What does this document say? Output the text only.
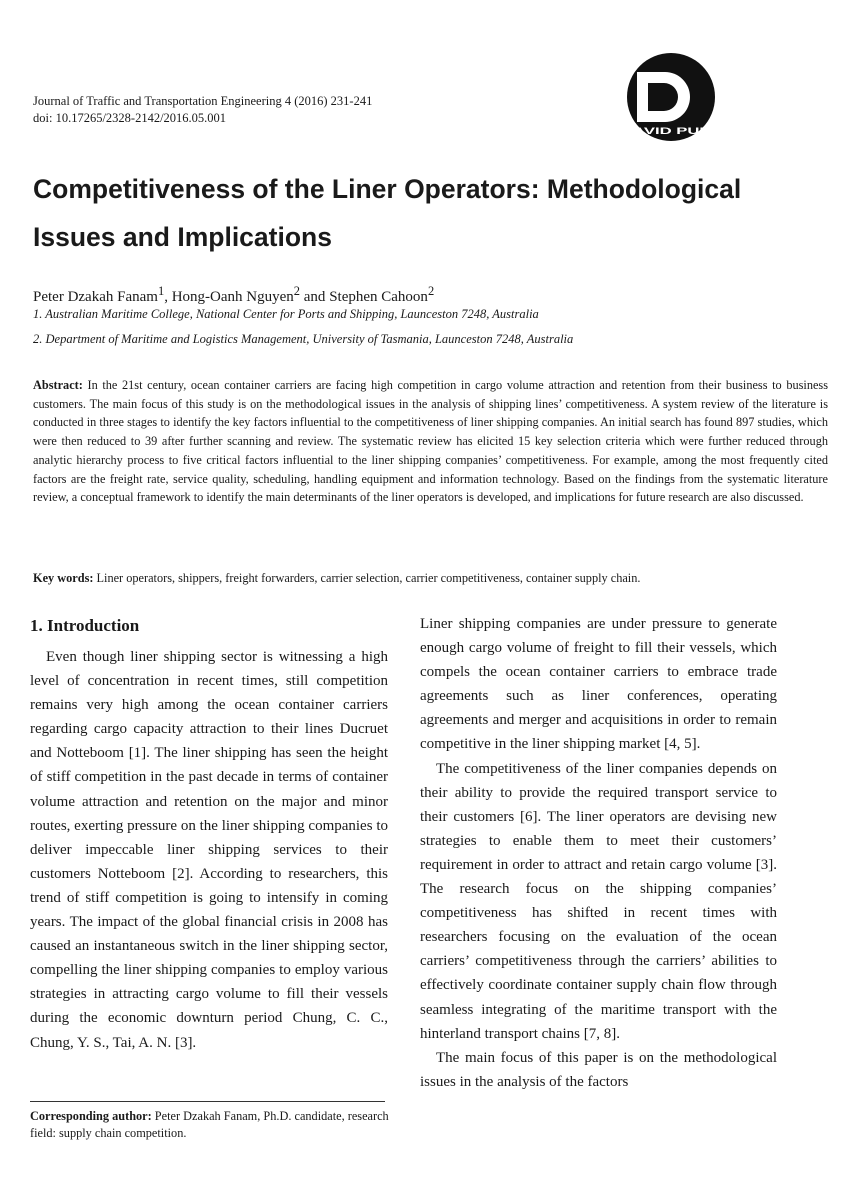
Journal of Traffic and Transportation Engineering 4 (2016) 231-241
doi: 10.17265/2328-2142/2016.05.001
DAVID PUBLISHING
Competitiveness of the Liner Operators: Methodological Issues and Implications
Peter Dzakah Fanam$^1$, Hong-Oanh Nguyen$^2$ and Stephen Cahoon$^2$
1. Australian Maritime College, National Center for Ports and Shipping, Launceston 7248, Australia
2. Department of Maritime and Logistics Management, University of Tasmania, Launceston 7248, Australia

Abstract: In the 21st century, ocean container carriers are facing high competition in cargo volume attraction and retention from their business to business customers. The main focus of this study is on the methodological issues in the analysis of shipping lines’ competitiveness. A system review of the literature is conducted in three stages to identify the key factors influential to the competitiveness of liner shipping companies. An initial search has found 897 studies, which were then reduced to 39 after further scanning and review. The systematic review has elicited 15 key selection criteria which were further reduced through analytic hierarchy process to five critical factors influential to the liner shipping companies’ competitiveness. For example, among the most frequently cited factors are the freight rate, service quality, scheduling, handling equipment and information technology. Based on the findings from the systematic literature review, a conceptual framework to identify the main determinants of the liner operators is developed, and implications for future research are also discussed.

Key words: Liner operators, shippers, freight forwarders, carrier selection, carrier competitiveness, container supply chain.

1. Introduction

Even though liner shipping sector is witnessing a high level of concentration in recent times, still competition remains very high among the ocean container carriers regarding cargo capacity attraction to their lines Ducruet and Notteboom [1]. The liner shipping has seen the height of stiff competition in the past decade in terms of container volume attraction and retention on the major and minor routes, exerting pressure on the liner shipping companies to deliver impeccable liner shipping services to their customers Notteboom [2]. According to researchers, this trend of stiff competition is going to intensify in coming years. The impact of the global financial crisis in 2008 has caused an instantaneous switch in the liner shipping sector, compelling the liner shipping companies to employ various strategies in attracting cargo volume to fill their vessels during the economic downturn period Chung, C. C., Chung, Y. S., Tai, A. N. [3].

Liner shipping companies are under pressure to generate enough cargo volume of freight to fill their vessels, which compels the ocean container carriers to embrace trade agreements such as liner conferences, operating agreements and merger and acquisitions in order to remain competitive in the liner shipping market [4, 5].

The competitiveness of the liner companies depends on their ability to provide the required transport service to their customers [6]. The liner operators are devising new strategies to enable them to meet their customers’ requirement in order to attract and retain cargo volume [3]. The research focus on the shipping companies’ competitiveness has shifted in recent times with researchers focusing on the evaluation of the ocean carriers’ competitiveness through the carriers’ abilities to effectively coordinate container supply chain flow through seamless integrating of the maritime transport with the hinterland transport chains [7, 8].

The main focus of this paper is on the methodological issues in the analysis of the factors

Corresponding author: Peter Dzakah Fanam, Ph.D. candidate, research field: supply chain competition.
